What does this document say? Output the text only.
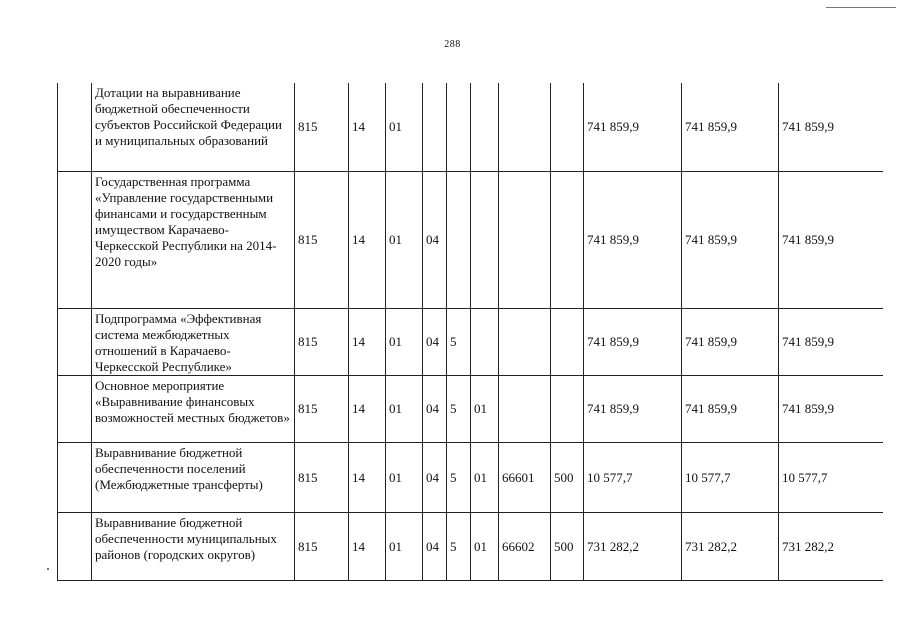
288
	Дотации на выравнивание бюджетной обеспеченности субъектов Российской Федерации и муниципальных образований	815	14	01						741 859,9	741 859,9	741 859,9
	Государственная программа «Управление государственными финансами и государственным имуществом Карачаево-Черкесской Республики на 2014-2020 годы»	815	14	01	04					741 859,9	741 859,9	741 859,9
	Подпрограмма «Эффективная система межбюджетных отношений в Карачаево-Черкесской Республике»	815	14	01	04	5				741 859,9	741 859,9	741 859,9
	Основное мероприятие «Выравнивание финансовых возможностей местных бюджетов»	815	14	01	04	5	01			741 859,9	741 859,9	741 859,9
	Выравнивание бюджетной обеспеченности поселений (Межбюджетные трансферты)	815	14	01	04	5	01	66601	500	10 577,7	10 577,7	10 577,7
	Выравнивание бюджетной обеспеченности муниципальных районов (городских округов)	815	14	01	04	5	01	66602	500	731 282,2	731 282,2	731 282,2
